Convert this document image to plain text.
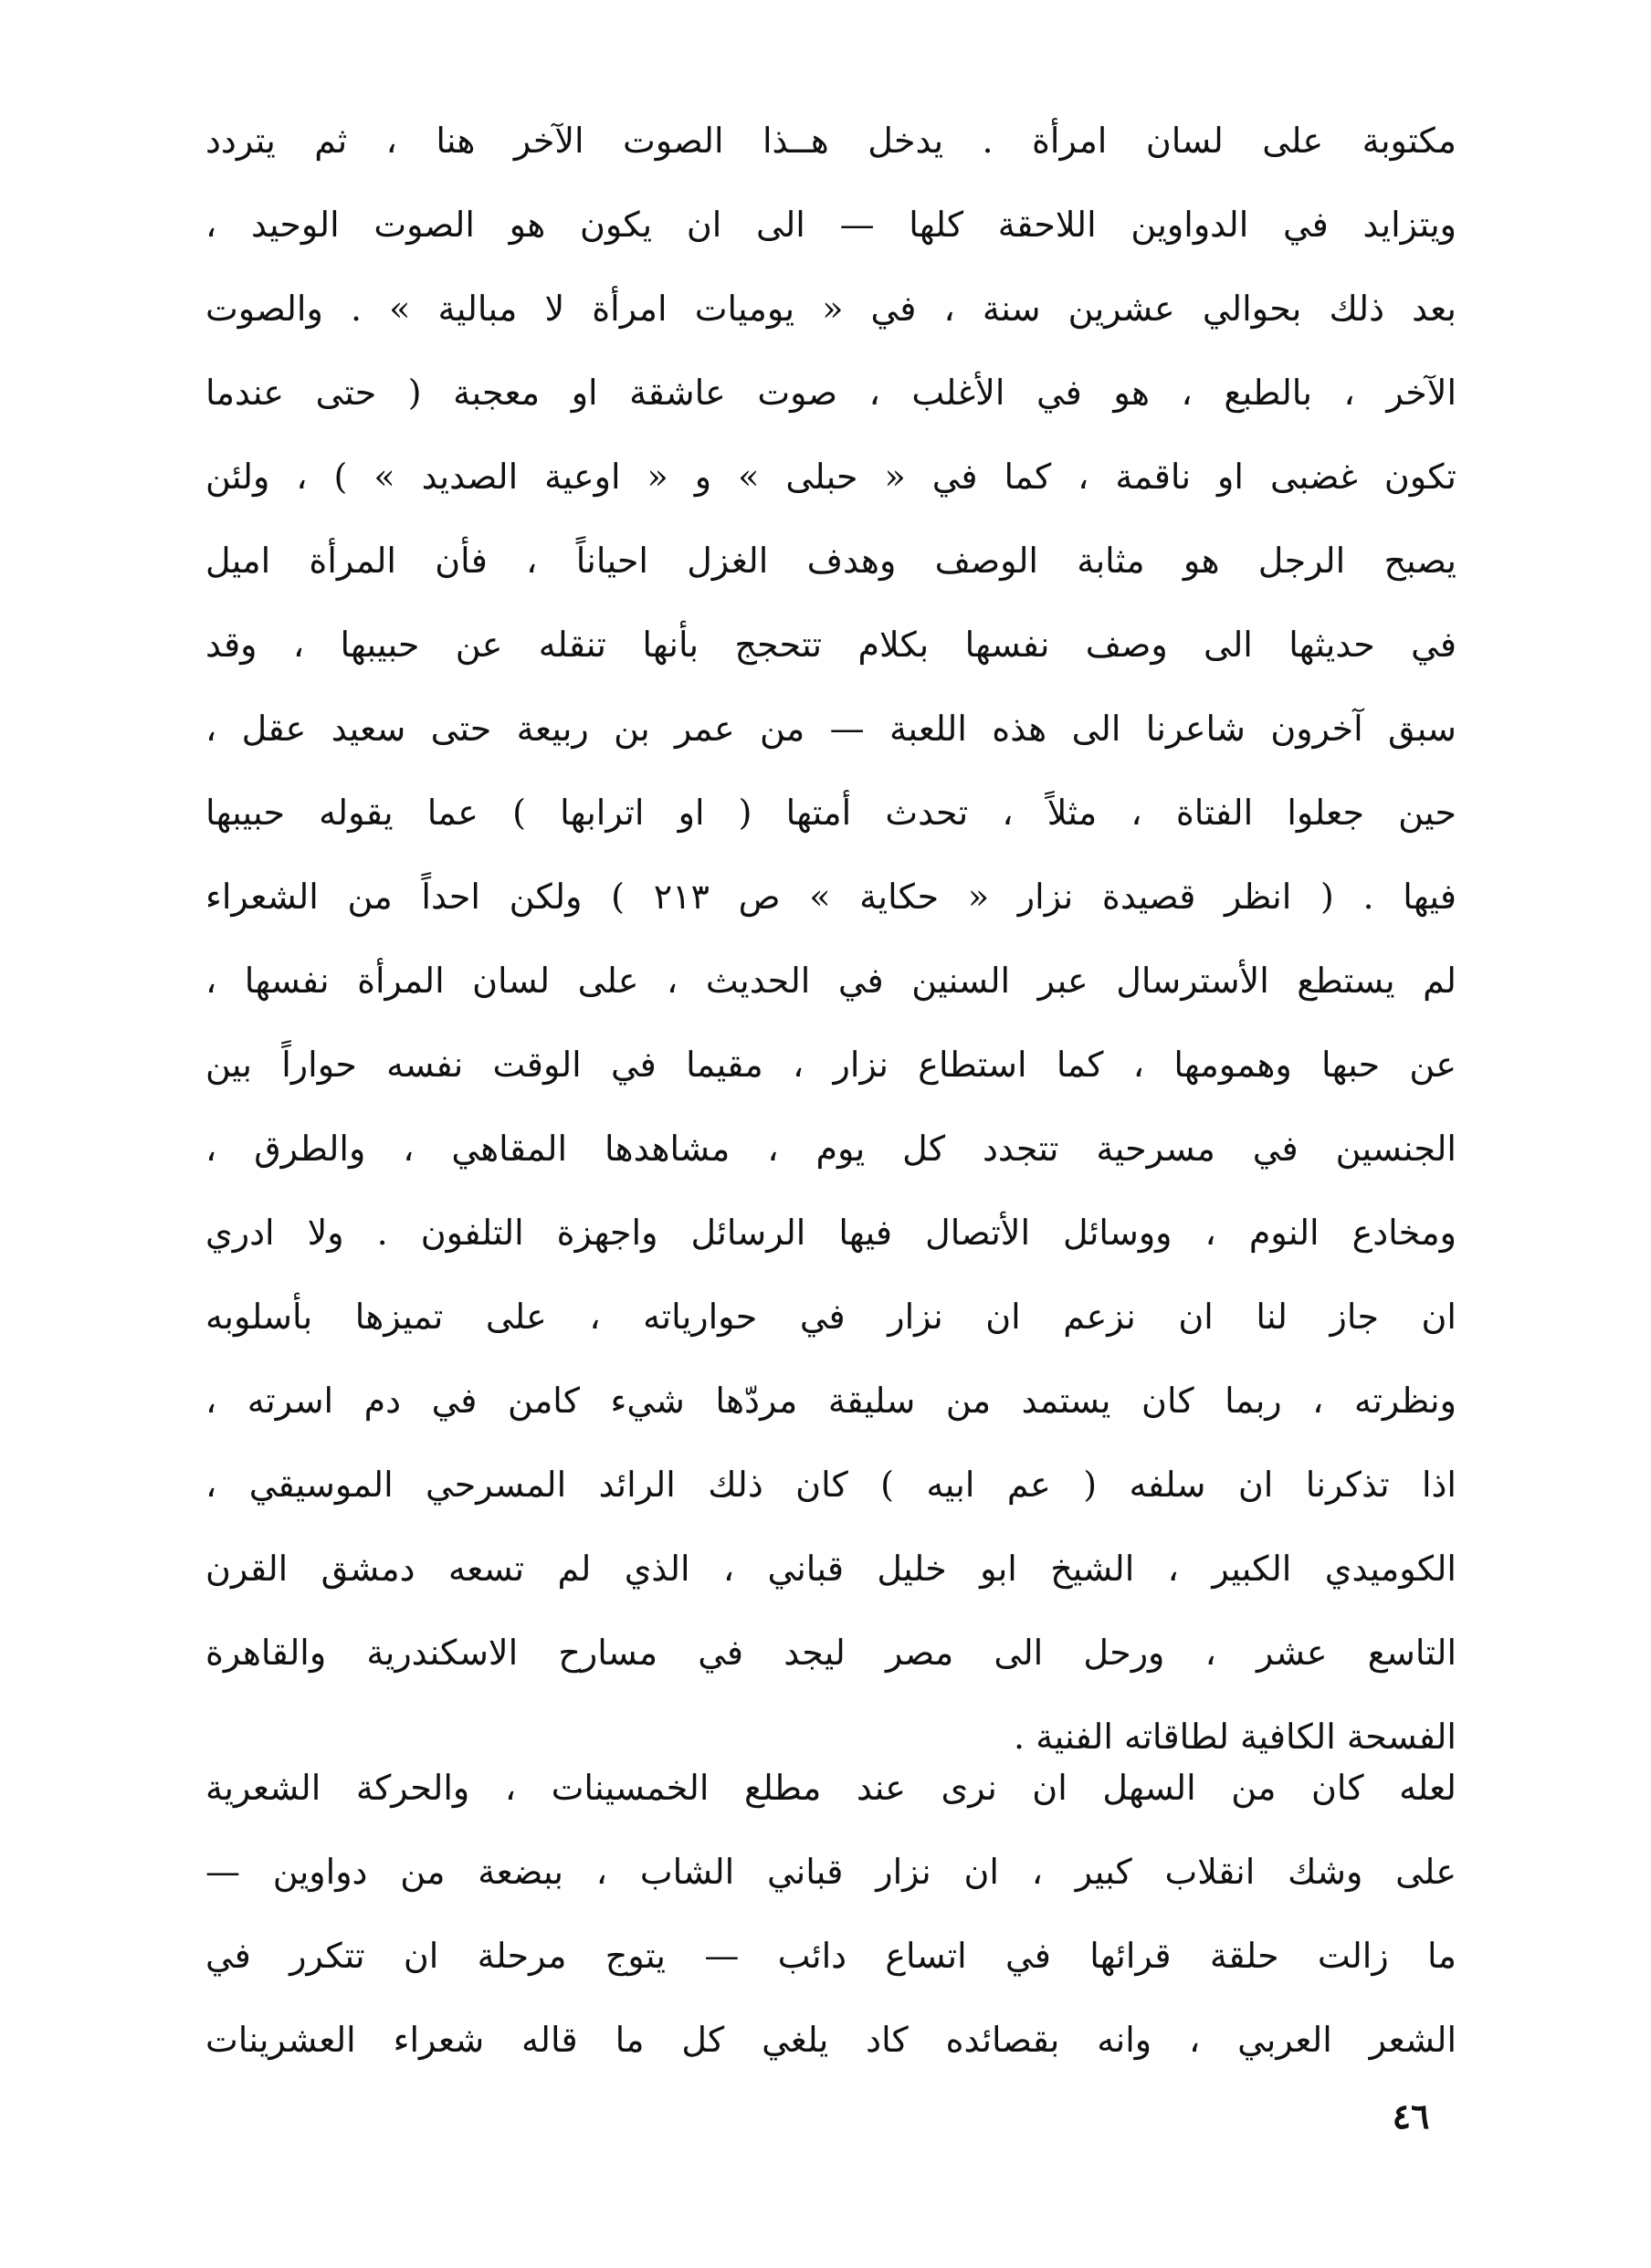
مكتوبة على لسان امرأة . يدخل هــذا الصوت الآخر هنا ، ثم يتردد
ويتزايد في الدواوين اللاحقة كلها — الى ان يكون هو الصوت الوحيد ،
بعد ذلك بحوالي عشرين سنة ، في « يوميات امرأة لا مبالية » . والصوت
الآخر ، بالطبع ، هو في الأغلب ، صوت عاشقة او معجبة ( حتى عندما
تكون غضبى او ناقمة ، كما في « حبلى » و « اوعية الصديد » ) ، ولئن
يصبح الرجل هو مثابة الوصف وهدف الغزل احياناً ، فأن المرأة اميل
في حديثها الى وصف نفسها بكلام تتحجج بأنها تنقله عن حبيبها ، وقد
سبق آخرون شاعرنا الى هذه اللعبة — من عمر بن ربيعة حتى سعيد عقل ،
حين جعلوا الفتاة ، مثلاً ، تحدث أمتها ( او اترابها ) عما يقوله حبيبها
فيها . ( انظر قصيدة نزار « حكاية » ص ٢١٣ ) ولكن احداً من الشعراء
لم يستطع الأسترسال عبر السنين في الحديث ، على لسان المرأة نفسها ،
عن حبها وهمومها ، كما استطاع نزار ، مقيما في الوقت نفسه حواراً بين
الجنسين في مسرحية تتجدد كل يوم ، مشاهدها المقاهي ، والطرق ،
ومخادع النوم ، ووسائل الأتصال فيها الرسائل واجهزة التلفون . ولا ادري
ان جاز لنا ان نزعم ان نزار في حوارياته ، على تميزها بأسلوبه
ونظرته ، ربما كان يستمد من سليقة مردّها شيء كامن في دم اسرته ،
اذا تذكرنا ان سلفه ( عم ابيه ) كان ذلك الرائد المسرحي الموسيقي ،
الكوميدي الكبير ، الشيخ ابو خليل قباني ، الذي لم تسعه دمشق القرن
التاسع عشر ، ورحل الى مصر ليجد في مسارح الاسكندرية والقاهرة
الفسحة الكافية لطاقاته الفنية .
لعله كان من السهل ان نرى عند مطلع الخمسينات ، والحركة الشعرية
على وشك انقلاب كبير ، ان نزار قباني الشاب ، ببضعة من دواوين —
ما زالت حلقة قرائها في اتساع دائب — يتوج مرحلة ان تتكرر في
الشعر العربي ، وانه بقصائده كاد يلغي كل ما قاله شعراء العشرينات
٤٦
